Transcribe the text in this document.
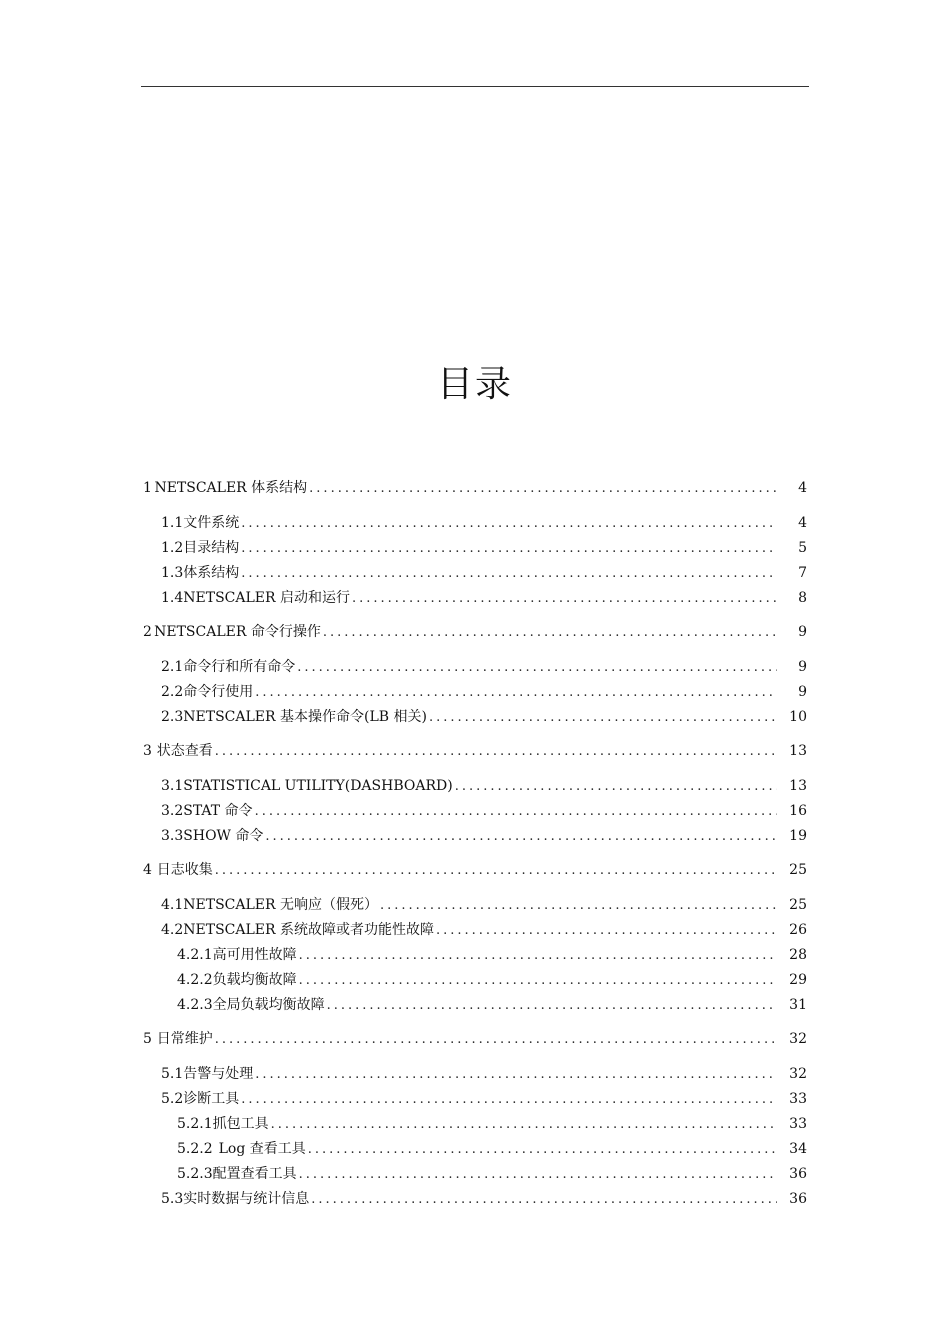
目录
1 NETSCALER 体系结构 .....	4
1.1 文件系统 .....	4
1.2 目录结构 .....	5
1.3 体系结构 .....	7
1.4 NETSCALER 启动和运行 .....	8
2 NETSCALER 命令行操作 .....	9
2.1 命令行和所有命令 .....	9
2.2 命令行使用 .....	9
2.3 NETSCALER 基本操作命令(LB 相关) .....	10
3 状态查看 .....	13
3.1 STATISTICAL UTILITY(DASHBOARD) .....	13
3.2 STAT 命令 .....	16
3.3 SHOW 命令 .....	19
4 日志收集 .....	25
4.1 NETSCALER 无响应（假死） .....	25
4.2 NETSCALER 系统故障或者功能性故障 .....	26
4.2.1 高可用性故障 .....	28
4.2.2 负载均衡故障 .....	29
4.2.3 全局负载均衡故障 .....	31
5 日常维护 .....	32
5.1 告警与处理 .....	32
5.2 诊断工具 .....	33
5.2.1 抓包工具 .....	33
5.2.2 Log 查看工具 .....	34
5.2.3 配置查看工具 .....	36
5.3 实时数据与统计信息 .....	36
